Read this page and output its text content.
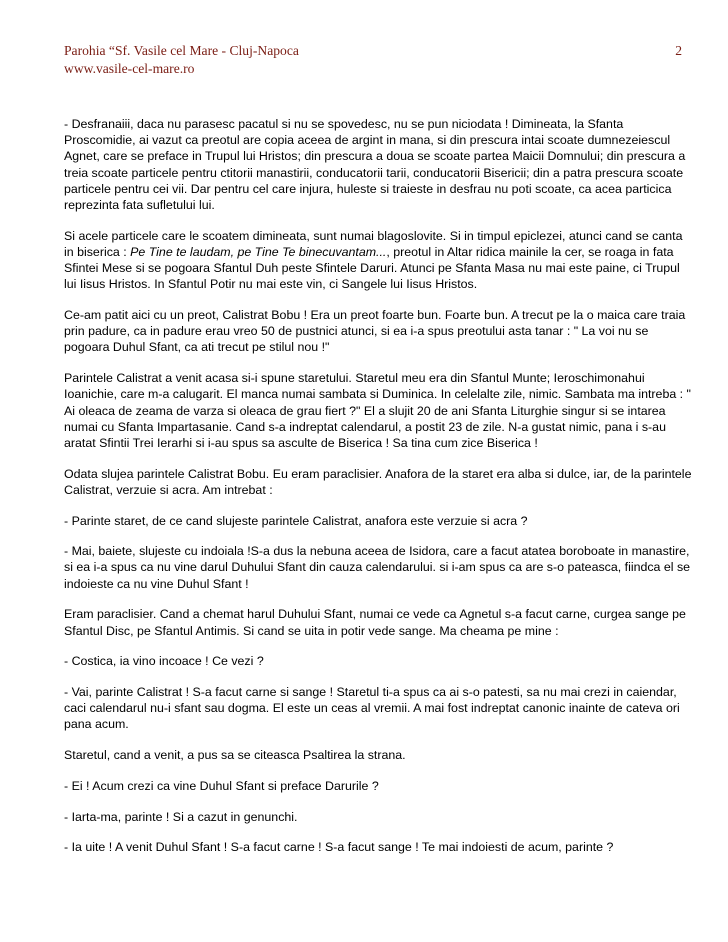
Parohia “Sf. Vasile cel Mare - Cluj-Napoca	2
www.vasile-cel-mare.ro

- Desfranaiii, daca nu parasesc pacatul si nu se spovedesc, nu se pun niciodata ! Dimineata, la Sfanta Proscomidie, ai vazut ca preotul are copia aceea de argint in mana, si din prescura intai scoate dumnezeiescul Agnet, care se preface in Trupul lui Hristos; din prescura a doua se scoate partea Maicii Domnului; din prescura a treia scoate particele pentru ctitorii manastirii, conducatorii tarii, conducatorii Bisericii; din a patra prescura scoate particele pentru cei vii. Dar pentru cel care injura, huleste si traieste in desfrau nu poti scoate, ca acea particica reprezinta fata sufletului lui.

Si acele particele care le scoatem dimineata, sunt numai blagoslovite. Si in timpul epiclezei, atunci cand se canta in biserica : Pe Tine te laudam, pe Tine Te binecuvantam..., preotul in Altar ridica mainile la cer, se roaga in fata Sfintei Mese si se pogoara Sfantul Duh peste Sfintele Daruri. Atunci pe Sfanta Masa nu mai este paine, ci Trupul lui Iisus Hristos. In Sfantul Potir nu mai este vin, ci Sangele lui Iisus Hristos.

Ce-am patit aici cu un preot, Calistrat Bobu ! Era un preot foarte bun. Foarte bun. A trecut pe la o maica care traia prin padure, ca in padure erau vreo 50 de pustnici atunci, si ea i-a spus preotului asta tanar : " La voi nu se pogoara Duhul Sfant, ca ati trecut pe stilul nou !"

Parintele Calistrat a venit acasa si-i spune staretului. Staretul meu era din Sfantul Munte; Ieroschimonahui Ioanichie, care m-a calugarit. El manca numai sambata si Duminica. In celelalte zile, nimic. Sambata ma intreba : " Ai oleaca de zeama de varza si oleaca de grau fiert ?" El a slujit 20 de ani Sfanta Liturghie singur si se intarea numai cu Sfanta Impartasanie. Cand s-a indreptat calendarul, a postit 23 de zile. N-a gustat nimic, pana i s-au aratat Sfintii Trei Ierarhi si i-au spus sa asculte de Biserica ! Sa tina cum zice Biserica !

Odata slujea parintele Calistrat Bobu. Eu eram paraclisier. Anafora de la staret era alba si dulce, iar, de la parintele Calistrat, verzuie si acra. Am intrebat :

- Parinte staret, de ce cand slujeste parintele Calistrat, anafora este verzuie si acra ?

- Mai, baiete, slujeste cu indoiala !S-a dus la nebuna aceea de Isidora, care a facut atatea boroboate in manastire, si ea i-a spus ca nu vine darul Duhului Sfant din cauza calendarului. si i-am spus ca are s-o pateasca, fiindca el se indoieste ca nu vine Duhul Sfant !

Eram paraclisier. Cand a chemat harul Duhului Sfant, numai ce vede ca Agnetul s-a facut carne, curgea sange pe Sfantul Disc, pe Sfantul Antimis. Si cand se uita in potir vede sange. Ma cheama pe mine :

- Costica, ia vino incoace ! Ce vezi ?

- Vai, parinte Calistrat ! S-a facut carne si sange ! Staretul ti-a spus ca ai s-o patesti, sa nu mai crezi in caiendar, caci calendarul nu-i sfant sau dogma. El este un ceas al vremii. A mai fost indreptat canonic inainte de cateva ori pana acum.

Staretul, cand a venit, a pus sa se citeasca Psaltirea la strana.

- Ei ! Acum crezi ca vine Duhul Sfant si preface Darurile ?

- Iarta-ma, parinte ! Si a cazut in genunchi.

- Ia uite ! A venit Duhul Sfant ! S-a facut carne ! S-a facut sange ! Te mai indoiesti de acum, parinte ?
